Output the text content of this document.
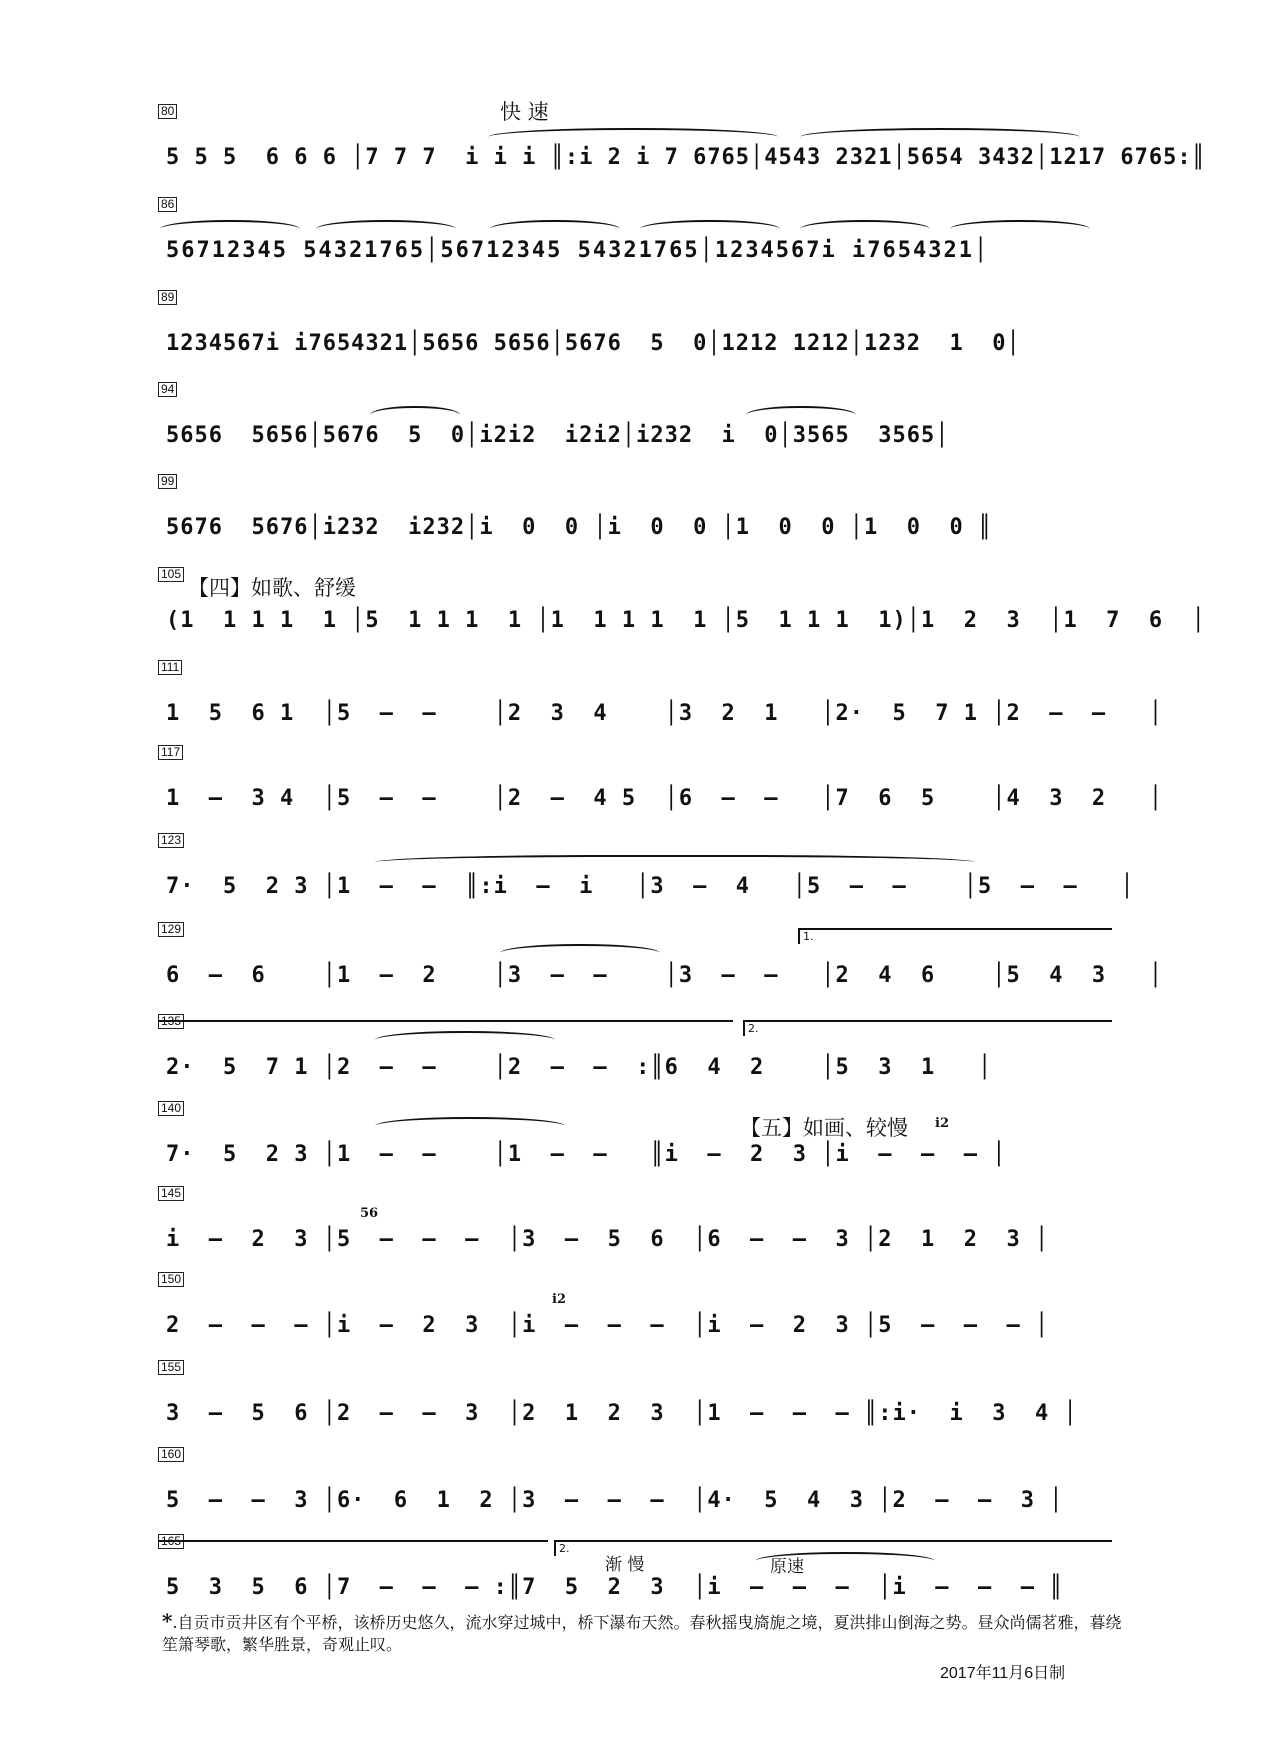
快 速
【四】如歌、舒缓
【五】如画、较慢
渐 慢	原速
i2
56
i2
80
86
89
94
99
105
111
117
123
129
135
140
145
150
155
160
165
5 5 5  6 6 6 │7 7 7  i i i ║:i 2 i 7 6765│4543 2321│5654 3432│1217 6765:║
56712345 54321765│56712345 54321765│1234567i i7654321│
1234567i i7654321│5656 5656│5676  5  0│1212 1212│1232  1  0│
5656  5656│5676  5  0│i2i2  i2i2│i232  i  0│3565  3565│
5676  5676│i232  i232│i  0  0 │i  0  0 │1  0  0 │1  0  0 ║
(1  1 1 1  1 │5  1 1 1  1 │1  1 1 1  1 │5  1 1 1  1)│1  2  3  │1  7  6  │
1  5  6 1  │5  –  –    │2  3  4    │3  2  1   │2·  5  7 1 │2  –  –   │
1  –  3 4  │5  –  –    │2  –  4 5  │6  –  –   │7  6  5    │4  3  2   │
7·  5  2 3 │1  –  –  ║:i  –  i   │3  –  4   │5  –  –    │5  –  –   │
6  –  6    │1  –  2    │3  –  –    │3  –  –   │2  4  6    │5  4  3   │
2·  5  7 1 │2  –  –    │2  –  –  :║6  4  2    │5  3  1   │
7·  5  2 3 │1  –  –    │1  –  –   ║i  –  2  3 │i  –  –  – │
i  –  2  3 │5  –  –  –  │3  –  5  6  │6  –  –  3 │2  1  2  3 │
2  –  –  – │i  –  2  3  │i  –  –  –  │i  –  2  3 │5  –  –  – │
3  –  5  6 │2  –  –  3  │2  1  2  3  │1  –  –  – ║:i·  i  3  4 │
5  –  –  3 │6·  6  1  2 │3  –  –  –  │4·  5  4  3 │2  –  –  3 │
5  3  5  6 │7  –  –  – :║7  5  2  3  │i  –  –  –  │i  –  –  – ║
1.
2.
2.
*.自贡市贡井区有个平桥，该桥历史悠久，流水穿过城中，桥下瀑布天然。春秋摇曳旖旎之境，夏洪排山倒海之势。昼众尚儒茗雅，暮绕笙箫琴歌，繁华胜景，奇观止叹。
2017年11月6日制
